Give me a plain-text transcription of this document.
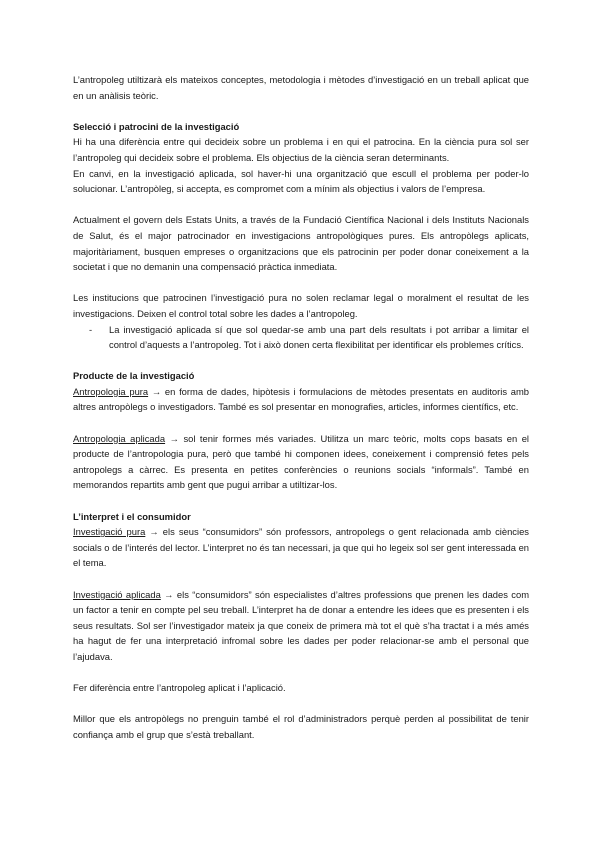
L’antropoleg utiltizarà els mateixos conceptes, metodologia i mètodes d’investigació en un treball aplicat que en un anàlisis teòric.

Selecció i patrocini de la investigació

Hi ha una diferència entre qui decideix sobre un problema i en qui el patrocina. En la ciència pura sol ser l’antropoleg qui decideix sobre el problema. Els objectius de la ciència seran determinants.

En canvi, en la investigació aplicada, sol haver-hi una organització que escull el problema per poder-lo solucionar. L’antropòleg, si accepta, es compromet com a mínim als objectius i valors de l’empresa.

Actualment el govern dels Estats Units, a través de la Fundació Científica Nacional i dels Instituts Nacionals de Salut, és el major patrocinador en investigacions antropològiques pures. Els antropòlegs aplicats, majoritàriament, busquen empreses o organitzacions que els patrocinin per poder donar coneixement a la societat i que no demanin una compensació pràctica inmediata.

Les institucions que patrocinen l’investigació pura no solen reclamar legal o moralment el resultat de les investigacions. Deixen el control total sobre les dades a l’antropoleg.

-	La investigació aplicada sí que sol quedar-se amb una part dels resultats i pot arribar a limitar el control d’aquests a l’antropoleg. Tot i això donen certa flexibilitat per identificar els problemes crítics.

Producte de la investigació

Antropologia pura → en forma de dades, hipòtesis i formulacions de mètodes presentats en auditoris amb altres antropòlegs o investigadors. També es sol presentar en monografies, articles, informes científics, etc.

Antropologia aplicada → sol tenir formes més variades. Utilitza un marc teòric, molts cops basats en el producte de l’antropologia pura, però que també hi componen idees, coneixement i comprensió fetes pels antropolegs a càrrec. Es presenta en petites conferències o reunions socials “informals”. També en memorandos repartits amb gent que pugui arribar a utiltizar-los.

L’interpret i el consumidor

Investigació pura → els seus “consumidors” són professors, antropolegs o gent relacionada amb ciències socials o de l’interés del lector. L’interpret no és tan necessari, ja que qui ho legeix sol ser gent interessada en el tema.

Investigació aplicada → els “consumidors” són especialistes d’altres professions que prenen les dades com un factor a tenir en compte pel seu treball. L’interpret ha de donar a entendre les idees que es presenten i els seus resultats. Sol ser l’investigador mateix ja que coneix de primera mà tot el què s’ha tractat i a més amés ha hagut de fer una interpretació infromal sobre les dades per poder relacionar-se amb el personal que l’ajudava.

Fer diferència entre l’antropoleg aplicat i l’aplicació.

Millor que els antropòlegs no prenguin també el rol d’administradors perquè perden al possibilitat de tenir confiança amb el grup que s’està treballant.
